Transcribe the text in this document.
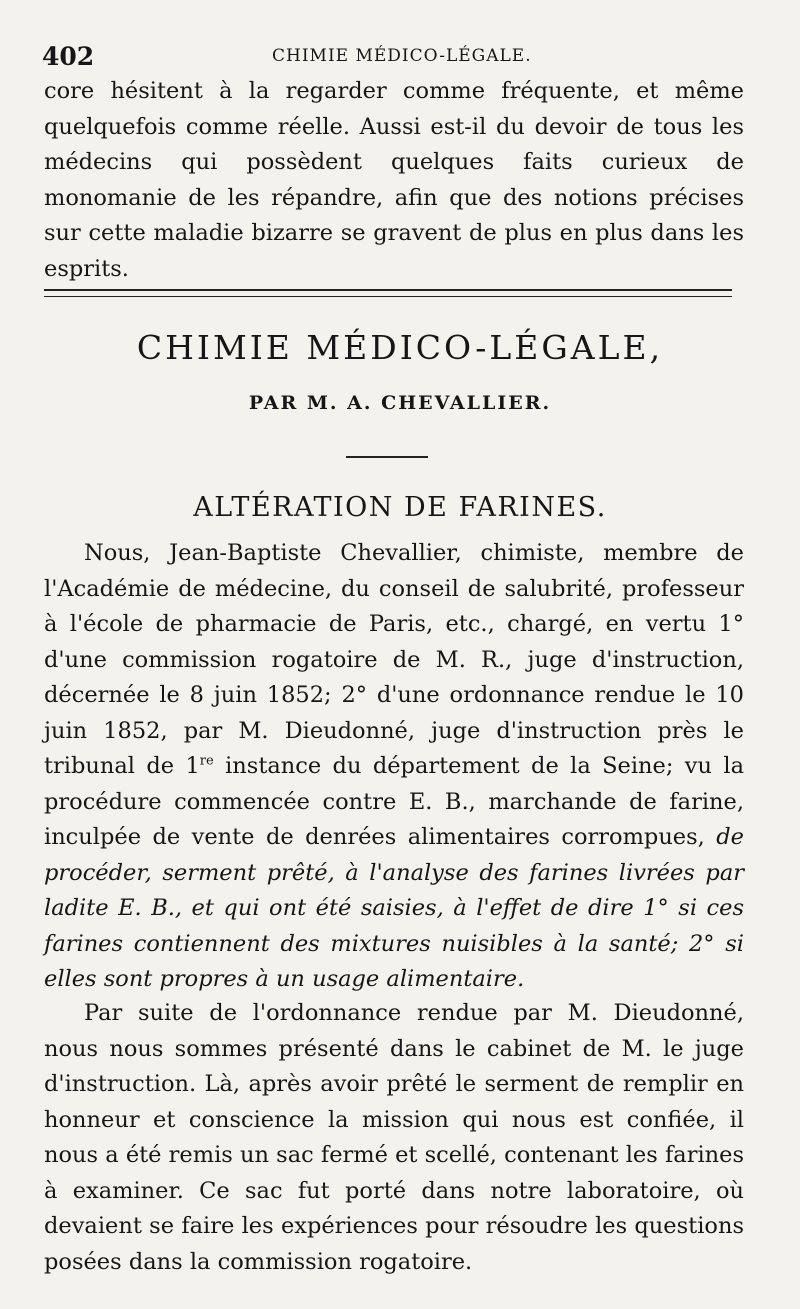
402	CHIMIE MÉDICO-LÉGALE.

core hésitent à la regarder comme fréquente, et même quelquefois comme réelle. Aussi est-il du devoir de tous les médecins qui possèdent quelques faits curieux de monomanie de les répandre, afin que des notions précises sur cette maladie bizarre se gravent de plus en plus dans les esprits.

CHIMIE MÉDICO-LÉGALE,
PAR M. A. CHEVALLIER.
ALTÉRATION DE FARINES.

Nous, Jean-Baptiste Chevallier, chimiste, membre de l'Académie de médecine, du conseil de salubrité, professeur à l'école de pharmacie de Paris, etc., chargé, en vertu 1° d'une commission rogatoire de M. R., juge d'instruction, décernée le 8 juin 1852; 2° d'une ordonnance rendue le 10 juin 1852, par M. Dieudonné, juge d'instruction près le tribunal de 1re instance du département de la Seine; vu la procédure commencée contre E. B., marchande de farine, inculpée de vente de denrées alimentaires corrompues, de procéder, serment prêté, à l'analyse des farines livrées par ladite E. B., et qui ont été saisies, à l'effet de dire 1° si ces farines contiennent des mixtures nuisibles à la santé; 2° si elles sont propres à un usage alimentaire.

Par suite de l'ordonnance rendue par M. Dieudonné, nous nous sommes présenté dans le cabinet de M. le juge d'instruction. Là, après avoir prêté le serment de remplir en honneur et conscience la mission qui nous est confiée, il nous a été remis un sac fermé et scellé, contenant les farines à examiner. Ce sac fut porté dans notre laboratoire, où devaient se faire les expériences pour résoudre les questions posées dans la commission rogatoire.
